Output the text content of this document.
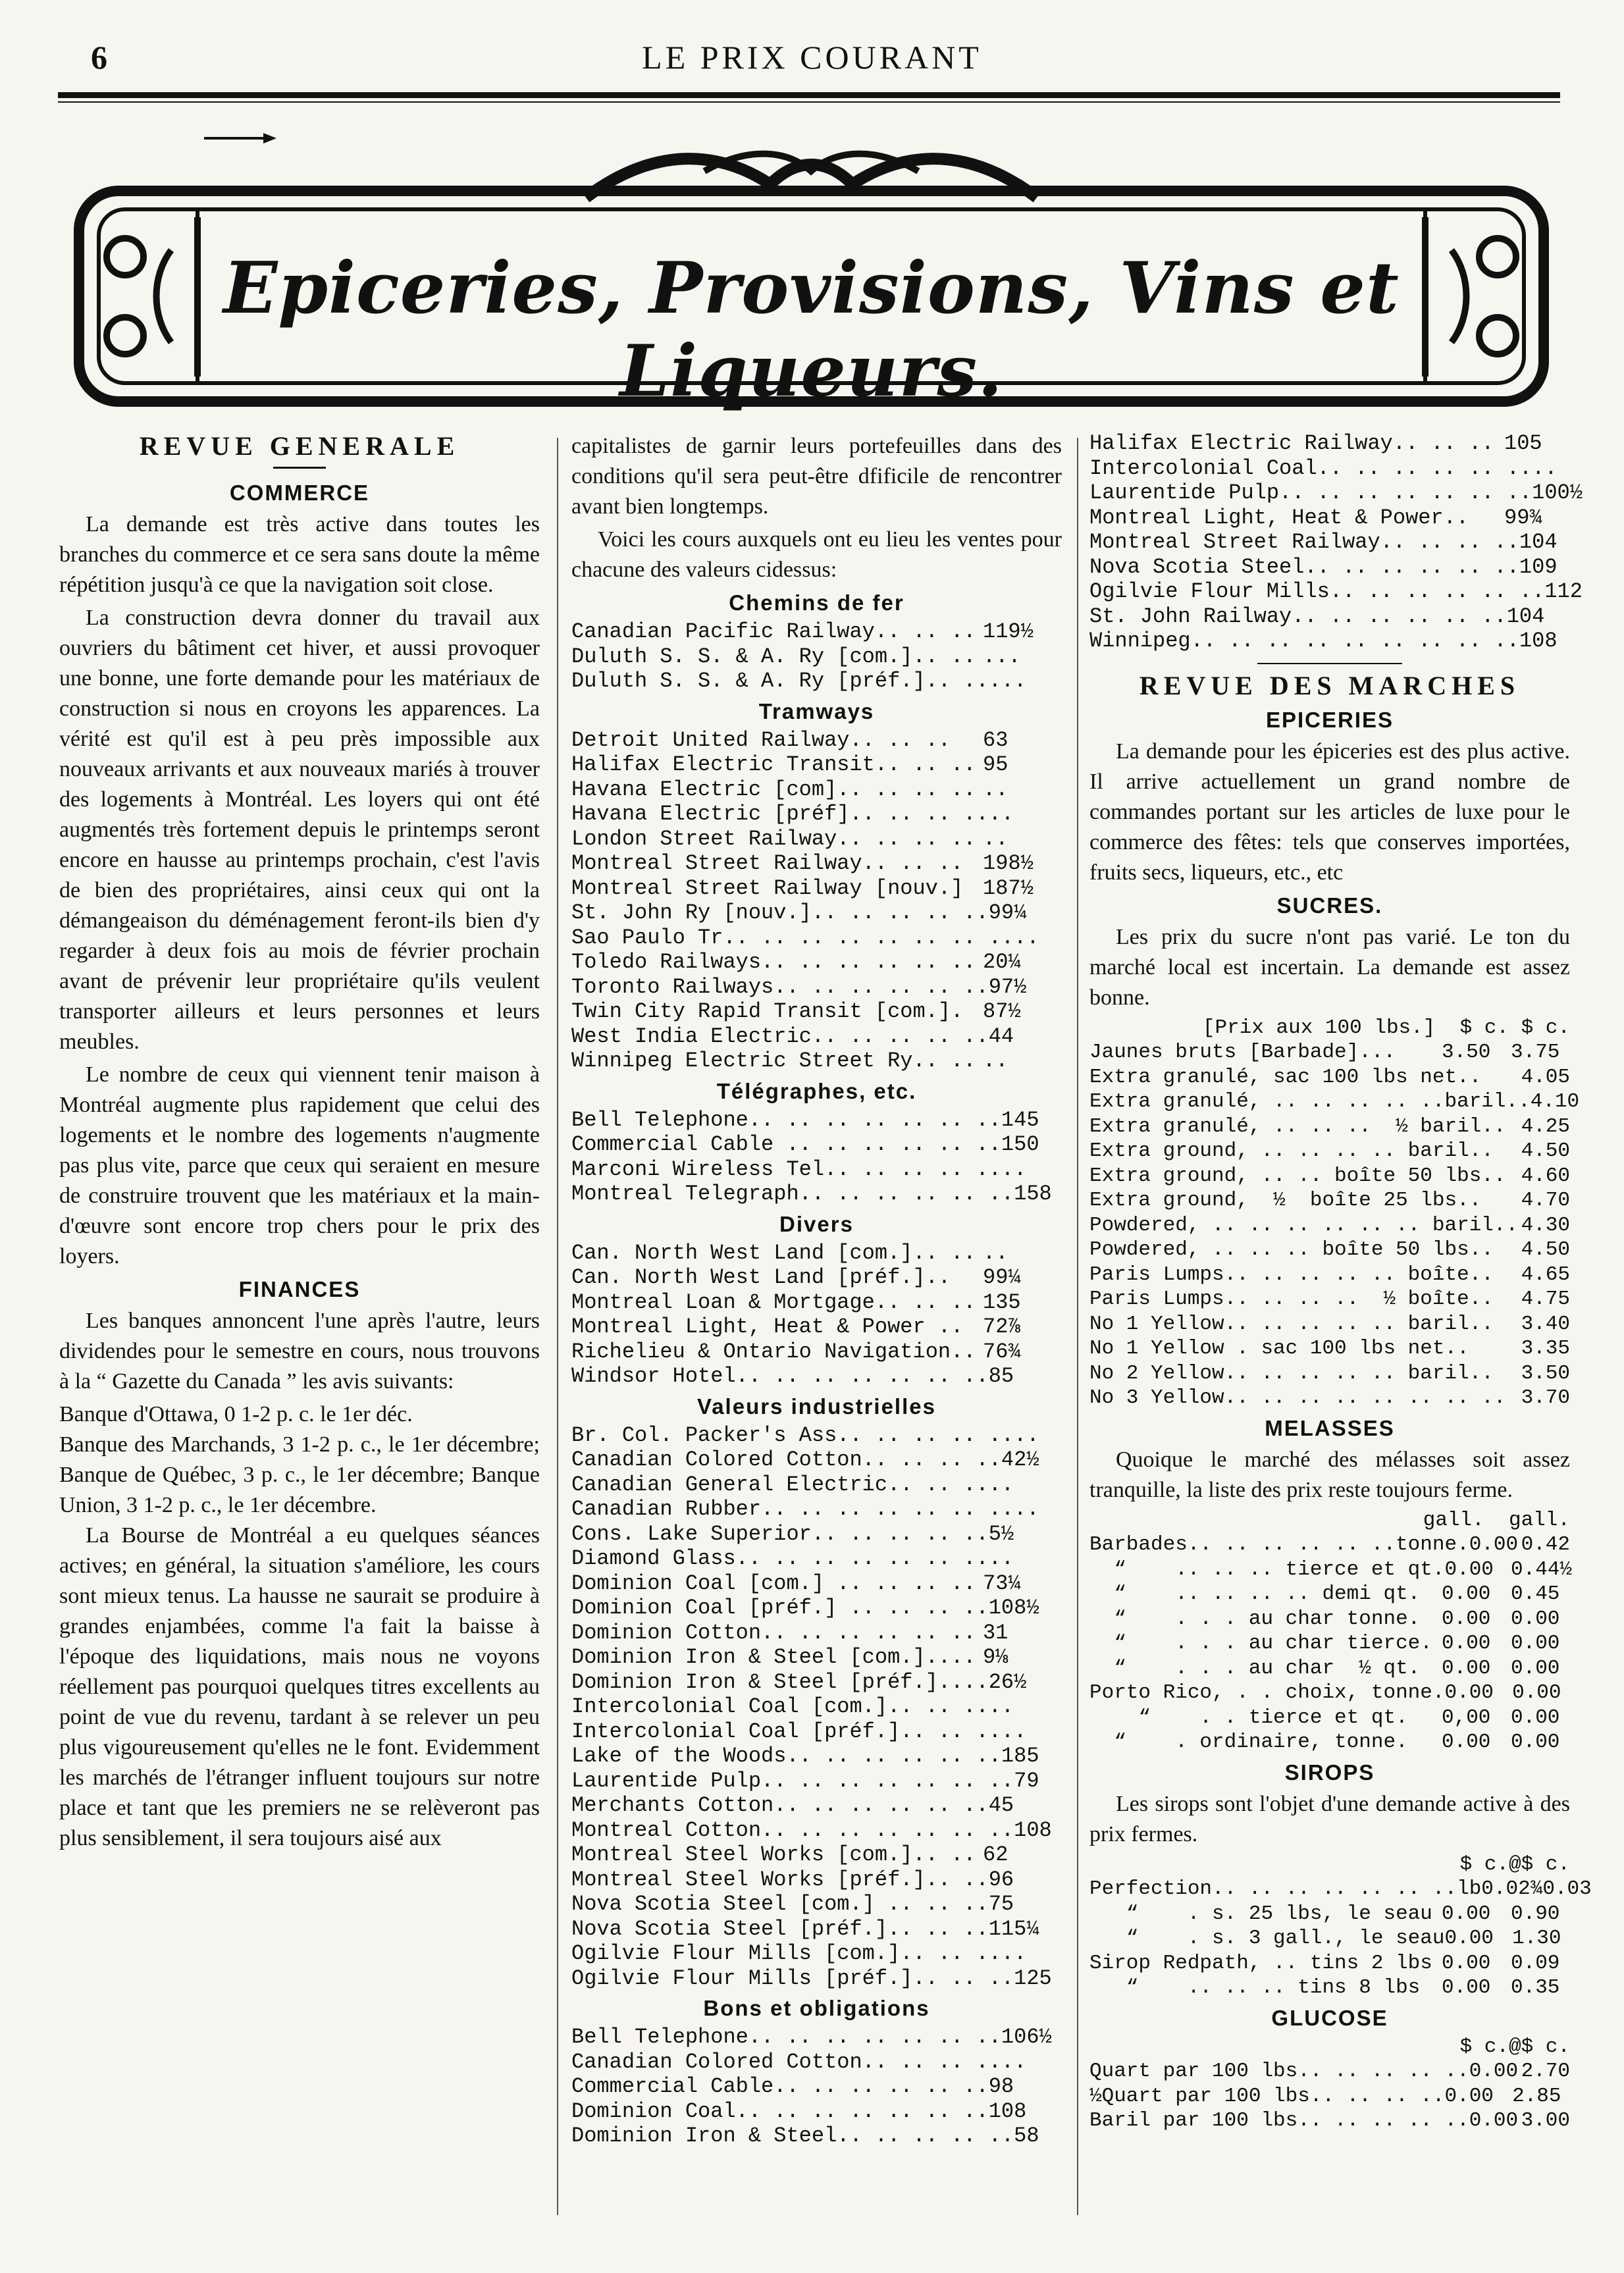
6	LE PRIX COURANT
Epiceries, Provisions, Vins et Liqueurs.
REVUE GENERALE
COMMERCE

La demande est très active dans toutes les branches du commerce et ce sera sans doute la même répétition jusqu'à ce que la navigation soit close.

La construction devra donner du travail aux ouvriers du bâtiment cet hiver, et aussi provoquer une bonne, une forte demande pour les matériaux de construction si nous en croyons les apparences. La vérité est qu'il est à peu près impossible aux nouveaux arrivants et aux nouveaux mariés à trouver des logements à Montréal. Les loyers qui ont été augmentés très fortement depuis le printemps seront encore en hausse au printemps prochain, c'est l'avis de bien des propriétaires, ainsi ceux qui ont la démangeaison du déménagement feront-ils bien d'y regarder à deux fois au mois de février prochain avant de prévenir leur propriétaire qu'ils veulent transporter ailleurs et leurs personnes et leurs meubles.

Le nombre de ceux qui viennent tenir maison à Montréal augmente plus rapidement que celui des logements et le nombre des logements n'augmente pas plus vite, parce que ceux qui seraient en mesure de construire trouvent que les matériaux et la main-d'œuvre sont encore trop chers pour le prix des loyers.

FINANCES

Les banques annoncent l'une après l'autre, leurs dividendes pour le semestre en cours, nous trouvons à la “ Gazette du Canada ” les avis suivants:

Banque d'Ottawa, 0 1-2 p. c. le 1er déc.

Banque des Marchands, 3 1-2 p. c., le 1er décembre; Banque de Québec, 3 p. c., le 1er décembre; Banque Union, 3 1-2 p. c., le 1er décembre.

La Bourse de Montréal a eu quelques séances actives; en général, la situation s'améliore, les cours sont mieux tenus. La hausse ne saurait se produire à grandes enjambées, comme l'a fait la baisse à l'époque des liquidations, mais nous ne voyons réellement pas pourquoi quelques titres excellents au point de vue du revenu, tardant à se relever un peu plus vigoureusement qu'elles ne le font. Evidemment les marchés de l'étranger influent toujours sur notre place et tant que les premiers ne se relèveront pas plus sensiblement, il sera toujours aisé aux

capitalistes de garnir leurs portefeuilles dans des conditions qu'il sera peut-être dfificile de rencontrer avant bien longtemps.

Voici les cours auxquels ont eu lieu les ventes pour chacune des valeurs cidessus:

Chemins de fer
Canadian Pacific Railway.. .. .. 119½
Duluth S. S. & A. Ry [com.].. .. ...
Duluth S. S. & A. Ry [préf.].. .. ...
Tramways
Detroit United Railway.. .. ..	63
Halifax Electric Transit.. .. .. 95
Havana Electric [com].. .. .. .. ..
Havana Electric [préf].. .. .. .. ..
London Street Railway.. .. .. .. ..
Montreal Street Railway.. .. .. 198½
Montreal Street Railway [nouv.] 187½
St. John Ry [nouv.].. .. .. .. .. 99¼
Sao Paulo Tr.. .. .. .. .. .. .. .. ..
Toledo Railways.. .. .. .. .. .. 20¼
Toronto Railways.. .. .. .. .. .. 97½
Twin City Rapid Transit [com.]. 87½
West India Electric.. .. .. .. .. 44
Winnipeg Electric Street Ry.. .. ..
Télégraphes, etc.
Bell Telephone.. .. .. .. .. .. .. 145
Commercial Cable .. .. .. .. .. .. 150
Marconi Wireless Tel.. .. .. .. .. ..
Montreal Telegraph.. .. .. .. .. .. 158
Divers
Can. North West Land [com.].. .. ..
Can. North West Land [préf.]..	99¼
Montreal Loan & Mortgage.. .. .. 135
Montreal Light, Heat & Power .. 72⅞
Richelieu & Ontario Navigation.. 76¾
Windsor Hotel.. .. .. .. .. .. .. 85
Valeurs industrielles
Br. Col. Packer's Ass.. .. .. .. .. ..
Canadian Colored Cotton.. .. .. .. 42½
Canadian General Electric.. .. .. ..
Canadian Rubber.. .. .. .. .. .. .. ..
Cons. Lake Superior.. .. .. .. .. 5½
Diamond Glass.. .. .. .. .. .. .. ..
Dominion Coal [com.] .. .. .. .. 73¼
Dominion Coal [préf.] .. .. .. .. 108½
Dominion Cotton.. .. .. .. .. .. 31
Dominion Iron & Steel [com.].... 9⅛
Dominion Iron & Steel [préf.].... 26½
Intercolonial Coal [com.].. .. .. ..
Intercolonial Coal [préf.].. .. .. ..
Lake of the Woods.. .. .. .. .. .. 185
Laurentide Pulp.. .. .. .. .. .. .. 79
Merchants Cotton.. .. .. .. .. .. 45
Montreal Cotton.. .. .. .. .. .. .. 108
Montreal Steel Works [com.].. .. 62
Montreal Steel Works [préf.].. .. 96
Nova Scotia Steel [com.] .. .. .. 75
Nova Scotia Steel [préf.].. .. .. 115¼
Ogilvie Flour Mills [com.].. .. .. ..
Ogilvie Flour Mills [préf.].. .. .. 125
Bons et obligations
Bell Telephone.. .. .. .. .. .. .. 106½
Canadian Colored Cotton.. .. .. .. ..
Commercial Cable.. .. .. .. .. .. 98
Dominion Coal.. .. .. .. .. .. .. 108
Dominion Iron & Steel.. .. .. .. .. 58
Halifax Electric Railway.. .. .. 105
Intercolonial Coal.. .. .. .. .. .. ..
Laurentide Pulp.. .. .. .. .. .. .. 100½
Montreal Light, Heat & Power..	99¾
Montreal Street Railway.. .. .. .. 104
Nova Scotia Steel.. .. .. .. .. .. 109
Ogilvie Flour Mills.. .. .. .. .. .. 112
St. John Railway.. .. .. .. .. .. 104
Winnipeg.. .. .. .. .. .. .. .. .. 108
REVUE DES MARCHES
EPICERIES

La demande pour les épiceries est des plus active. Il arrive actuellement un grand nombre de commandes portant sur les articles de luxe pour le commerce des fêtes: tels que conserves importées, fruits secs, liqueurs, etc., etc

SUCRES.

Les prix du sucre n'ont pas varié. Le ton du marché local est incertain. La demande est assez bonne.

[Prix aux 100 lbs.]  $ c. $ c.
Jaunes bruts [Barbade]...	3.50 3.75
Extra granulé, sac 100 lbs net.. 4.05
Extra granulé, .. .. .. .. ..baril.. 4.10
Extra granulé, .. .. ..  ½ baril.. 4.25
Extra ground, .. .. .. .. baril.. 4.50
Extra ground, .. .. boîte 50 lbs.. 4.60
Extra ground,  ½  boîte 25 lbs.. 4.70
Powdered, .. .. .. .. .. .. baril.. 4.30
Powdered, .. .. .. boîte 50 lbs.. 4.50
Paris Lumps.. .. .. .. .. boîte.. 4.65
Paris Lumps.. .. .. ..  ½ boîte.. 4.75
No 1 Yellow.. .. .. .. .. baril.. 3.40
No 1 Yellow . sac 100 lbs net..	3.35
No 2 Yellow.. .. .. .. .. baril.. 3.50
No 3 Yellow.. .. .. .. .. .. .. .. 3.70
MELASSES

Quoique le marché des mélasses soit assez tranquille, la liste des prix reste toujours ferme.

gall.  gall.
Barbades.. .. .. .. .. ..tonne. 0.00 0.42
“    .. .. .. tierce et qt. 0.00 0.44½
“    .. .. .. .. demi qt.	0.00 0.45
“    . . . au char tonne.	0.00 0.00
“    . . . au char tierce. 0.00 0.00
“    . . . au char  ½ qt.	0.00 0.00
Porto Rico, . . choix, tonne. 0.00 0.00
“    . . tierce et qt.	0,00 0.00
“    . ordinaire, tonne.	0.00 0.00
SIROPS

Les sirops sont l'objet d'une demande active à des prix fermes.

$ c.@$ c.
Perfection.. .. .. .. .. .. ..lb 0.02¾ 0.03
“    . s. 25 lbs, le seau 0.00 0.90
“    . s. 3 gall., le seau 0.00 1.30
Sirop Redpath, .. tins 2 lbs 0.00 0.09
“    .. .. .. tins 8 lbs	0.00 0.35
GLUCOSE
$ c.@$ c.
Quart par 100 lbs.. .. .. .. .. 0.00 2.70
½Quart par 100 lbs.. .. .. .. 0.00 2.85
Baril par 100 lbs.. .. .. .. .. 0.00 3.00
